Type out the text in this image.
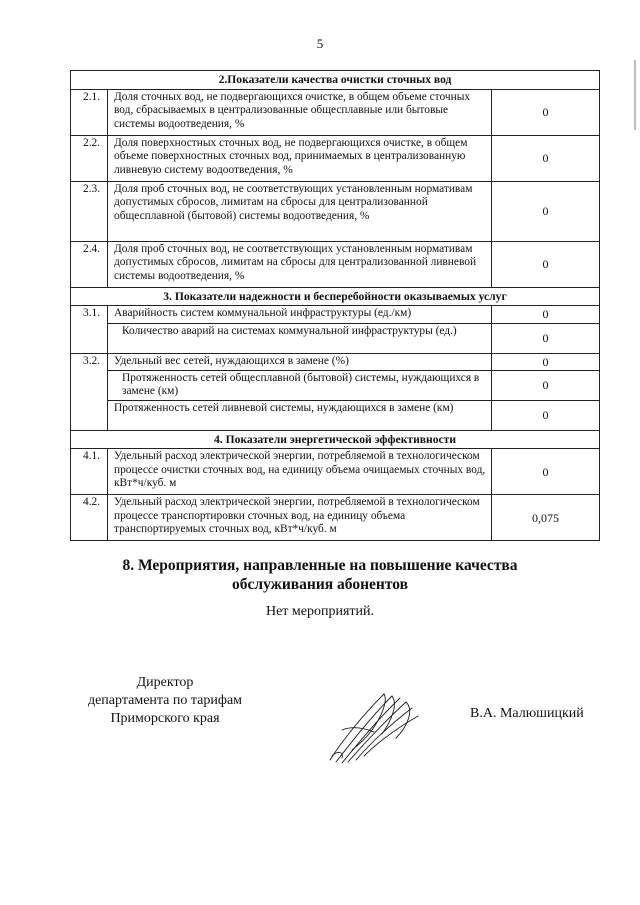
5
2.Показатели качества очистки сточных вод		
2.1.	Доля сточных вод, не подвергающихся очистке, в общем объеме сточных вод, сбрасываемых в централизованные общесплавные или бытовые системы водоотведения, %	0
2.2.	Доля поверхностных сточных вод, не подвергающихся очистке, в общем объеме поверхностных сточных вод, принимаемых в централизованную ливневую систему водоотведения, %	0
2.3.	Доля проб сточных вод, не соответствующих установленным нормативам допустимых сбросов, лимитам на сбросы для централизованной общесплавной (бытовой) системы водоотведения, %	0
2.4.	Доля проб сточных вод, не соответствующих установленным нормативам допустимых сбросов, лимитам на сбросы для централизованной ливневой системы водоотведения, %	0
3. Показатели надежности и бесперебойности оказываемых услуг		
3.1.	Аварийность систем коммунальной инфраструктуры (ед./км)	0
	Количество аварий на системах коммунальной инфраструктуры (ед.)	0
3.2.	Удельный вес сетей, нуждающихся в замене (%)	0
	Протяженность сетей общесплавной (бытовой) системы, нуждающихся в замене (км)	0
	Протяженность сетей ливневой системы, нуждающихся в замене (км)	0
4. Показатели энергетической эффективности		
4.1.	Удельный расход электрической энергии, потребляемой в технологическом процессе очистки сточных вод, на единицу объема очищаемых сточных вод, кВт*ч/куб. м	0
4.2.	Удельный расход электрической энергии, потребляемой в технологическом процессе транспортировки сточных вод, на единицу объема транспортируемых сточных вод, кВт*ч/куб. м	0,075
8. Мероприятия, направленные на повышение качества
обслуживания абонентов
Нет мероприятий.
Директор
департамента по тарифам
Приморского края	В.А. Малюшицкий
